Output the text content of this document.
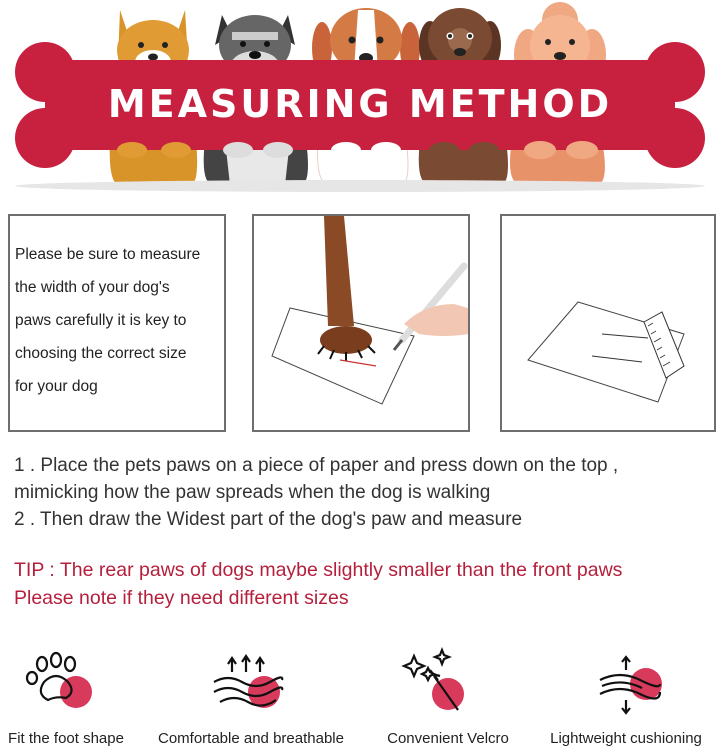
MEASURING METHOD
Please be sure to measure
the width of your dog's
paws carefully it is key to
choosing the correct size
for your dog
1 . Place the pets paws on a piece of paper and press down on the top ,
mimicking how the paw spreads when the dog is walking
2 . Then draw the Widest part of the dog's paw and measure
TIP : The rear paws of dogs maybe slightly smaller than the front paws
Please note if they need different sizes
Fit the foot shape	Comfortable and breathable	Convenient Velcro	Lightweight cushioning
